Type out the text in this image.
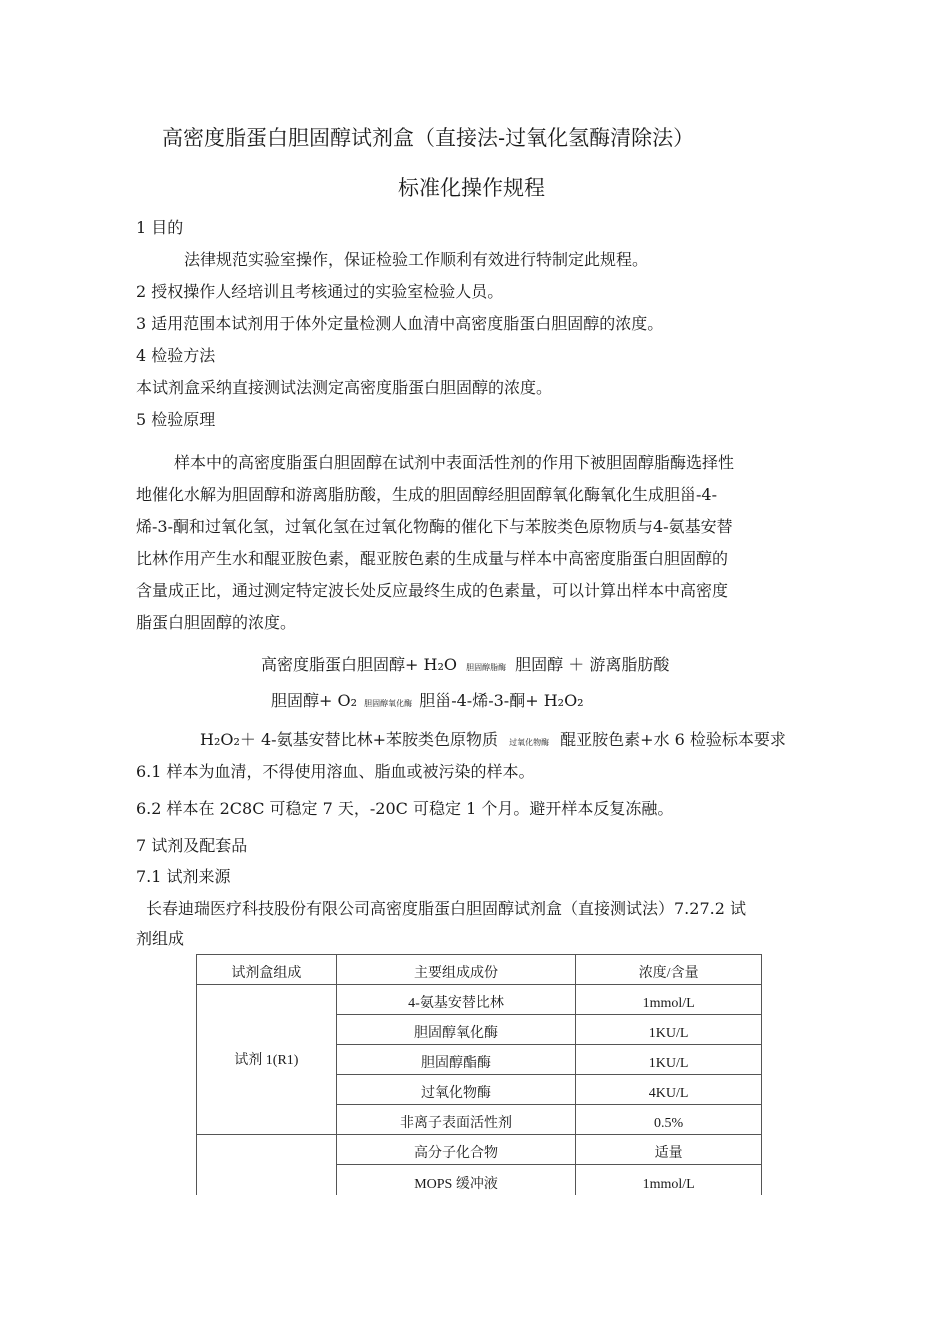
高密度脂蛋白胆固醇试剂盒（直接法-过氧化氢酶清除法）
标准化操作规程
1 目的
法律规范实验室操作，保证检验工作顺利有效进行特制定此规程。
2 授权操作人经培训且考核通过的实验室检验人员。
3 适用范围本试剂用于体外定量检测人血清中高密度脂蛋白胆固醇的浓度。
4 检验方法
本试剂盒采纳直接测试法测定高密度脂蛋白胆固醇的浓度。
5 检验原理
样本中的高密度脂蛋白胆固醇在试剂中表面活性剂的作用下被胆固醇脂酶选择性
地催化水解为胆固醇和游离脂肪酸，生成的胆固醇经胆固醇氧化酶氧化生成胆甾-4-
烯-3-酮和过氧化氢，过氧化氢在过氧化物酶的催化下与苯胺类色原物质与4-氨基安替
比林作用产生水和醌亚胺色素，醌亚胺色素的生成量与样本中高密度脂蛋白胆固醇的
含量成正比，通过测定特定波长处反应最终生成的色素量，可以计算出样本中高密度
脂蛋白胆固醇的浓度。
高密度脂蛋白胆固醇+ H₂O 胆固醇脂酶 胆固醇 ＋ 游离脂肪酸
胆固醇+ O₂ 胆固醇氧化酶 胆甾-4-烯-3-酮+ H₂O₂
H₂O₂＋ 4-氨基安替比林+苯胺类色原物质 过氧化物酶 醌亚胺色素+水 6 检验标本要求
6.1 样本为血清，不得使用溶血、脂血或被污染的样本。
6.2 样本在 2C8C 可稳定 7 天，-20C 可稳定 1 个月。避开样本反复冻融。
7 试剂及配套品
7.1 试剂来源
长春迪瑞医疗科技股份有限公司高密度脂蛋白胆固醇试剂盒（直接测试法）7.27.2 试
剂组成
试剂盒组成	主要组成成份	浓度/含量
试剂 1(R1)	4-氨基安替比林	1mmol/L
	胆固醇氧化酶	1KU/L
	胆固醇酯酶	1KU/L
	过氧化物酶	4KU/L
	非离子表面活性剂	0.5%
	高分子化合物	适量
	MOPS 缓冲液	1mmol/L
